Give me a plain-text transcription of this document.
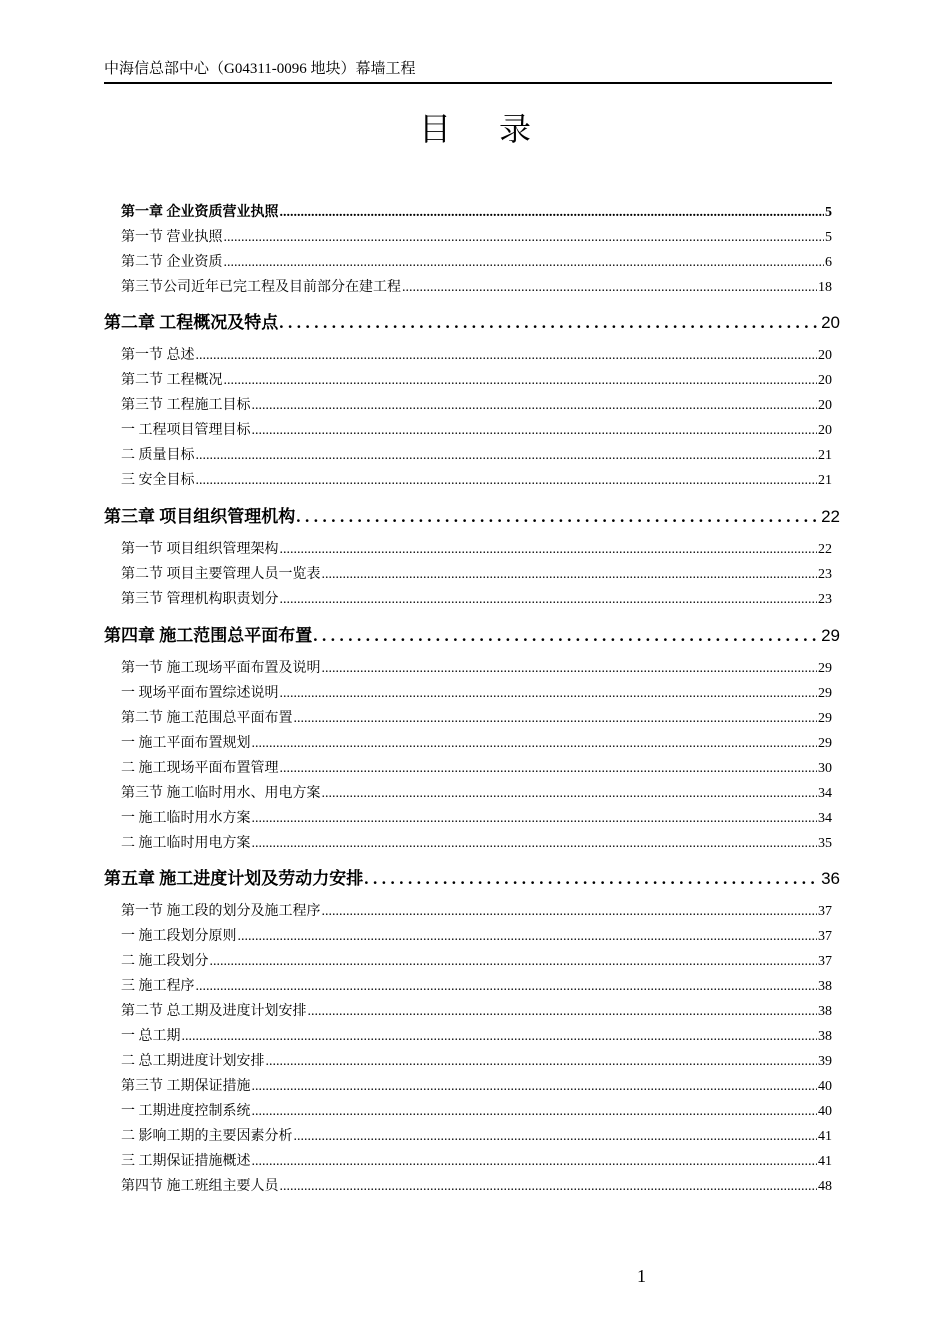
中海信总部中心（G04311-0096 地块）幕墙工程
目录
第一章 企业资质营业执照 .....	5
第一节 营业执照 .....	5
第二节 企业资质 .....	6
第三节公司近年已完工程及目前部分在建工程 .....	18
第二章 工程概况及特点 .....	20
第一节 总述 .....	20
第二节 工程概况 .....	20
第三节 工程施工目标 .....	20
一 工程项目管理目标 .....	20
二 质量目标 .....	21
三 安全目标 .....	21
第三章 项目组织管理机构 .....	22
第一节 项目组织管理架构 .....	22
第二节 项目主要管理人员一览表 .....	23
第三节 管理机构职责划分 .....	23
第四章 施工范围总平面布置 .....	29
第一节 施工现场平面布置及说明 .....	29
一 现场平面布置综述说明 .....	29
第二节 施工范围总平面布置 .....	29
一 施工平面布置规划 .....	29
二 施工现场平面布置管理 .....	30
第三节 施工临时用水、用电方案 .....	34
一 施工临时用水方案 .....	34
二 施工临时用电方案 .....	35
第五章 施工进度计划及劳动力安排 .....	36
第一节 施工段的划分及施工程序 .....	37
一 施工段划分原则 .....	37
二 施工段划分 .....	37
三 施工程序 .....	38
第二节 总工期及进度计划安排 .....	38
一 总工期 .....	38
二 总工期进度计划安排 .....	39
第三节 工期保证措施 .....	40
一 工期进度控制系统 .....	40
二 影响工期的主要因素分析 .....	41
三 工期保证措施概述 .....	41
第四节 施工班组主要人员 .....	48
1
